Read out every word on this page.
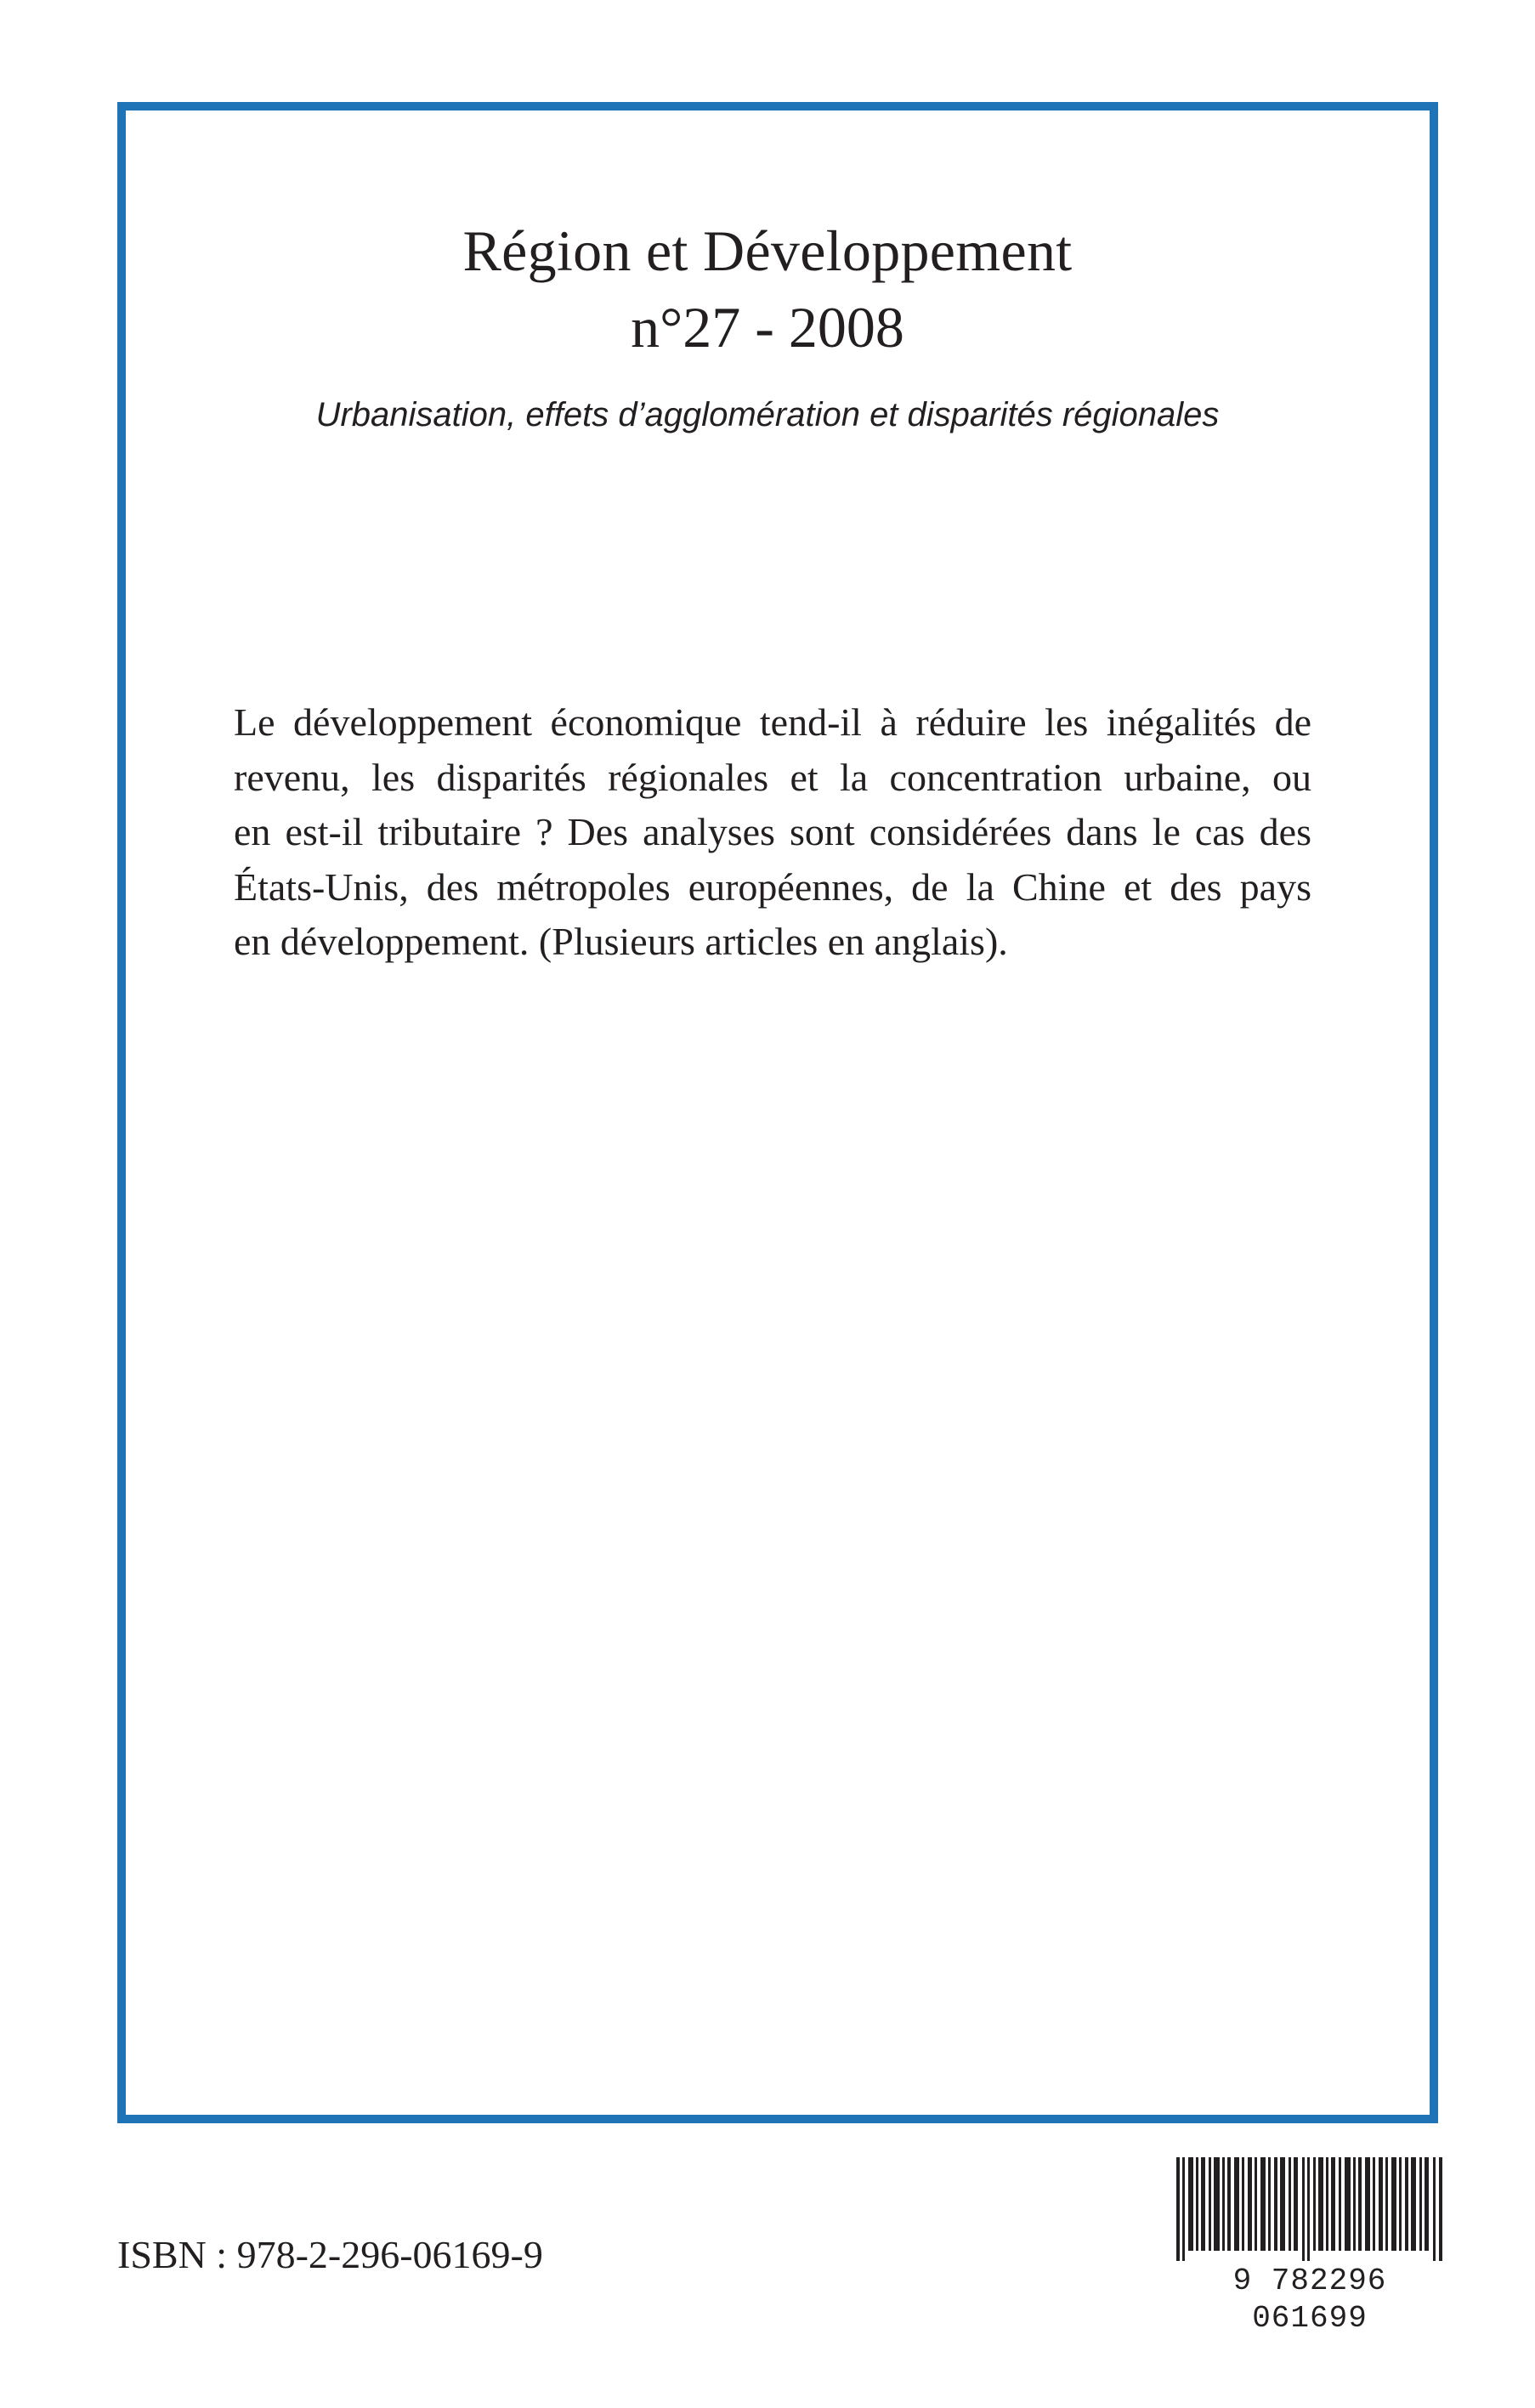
Région et Développement
n°27 - 2008
Urbanisation, effets d’agglomération et disparités régionales
Le développement économique tend-il à réduire les inégalités de
revenu, les disparités régionales et la concentration urbaine, ou
en est-il tributaire ? Des analyses sont considérées dans le cas des
États-Unis, des métropoles européennes, de la Chine et des pays
en développement. (Plusieurs articles en anglais).
ISBN : 978-2-296-06169-9
9 782296 061699
